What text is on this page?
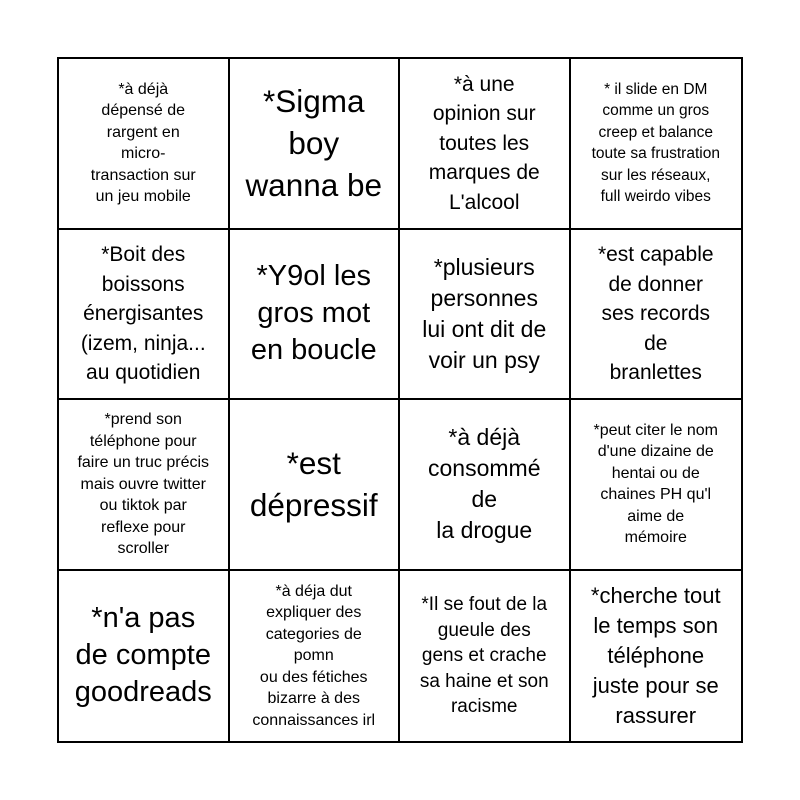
*à déjà
dépensé de
rargent en
micro-
transaction sur
un jeu mobile
*Sigma
boy
wanna be
*à une
opinion sur
toutes les
marques de
L'alcool
* il slide en DM
comme un gros
creep et balance
toute sa frustration
sur les réseaux,
full weirdo vibes
*Boit des
boissons
énergisantes
(izem, ninja...
au quotidien
*Y9ol les
gros mot
en boucle
*plusieurs
personnes
lui ont dit de
voir un psy
*est capable
de donner
ses records
de
branlettes
*prend son
téléphone pour
faire un truc précis
mais ouvre twitter
ou tiktok par
reflexe pour
scroller
*est
dépressif
*à déjà
consommé
de
la drogue
*peut citer le nom
d'une dizaine de
hentai ou de
chaines PH qu'l
aime de
mémoire
*n'a pas
de compte
goodreads
*à déja dut
expliquer des
categories de
pomn
ou des fétiches
bizarre à des
connaissances irl
*Il se fout de la
gueule des
gens et crache
sa haine et son
racisme
*cherche tout
le temps son
téléphone
juste pour se
rassurer
